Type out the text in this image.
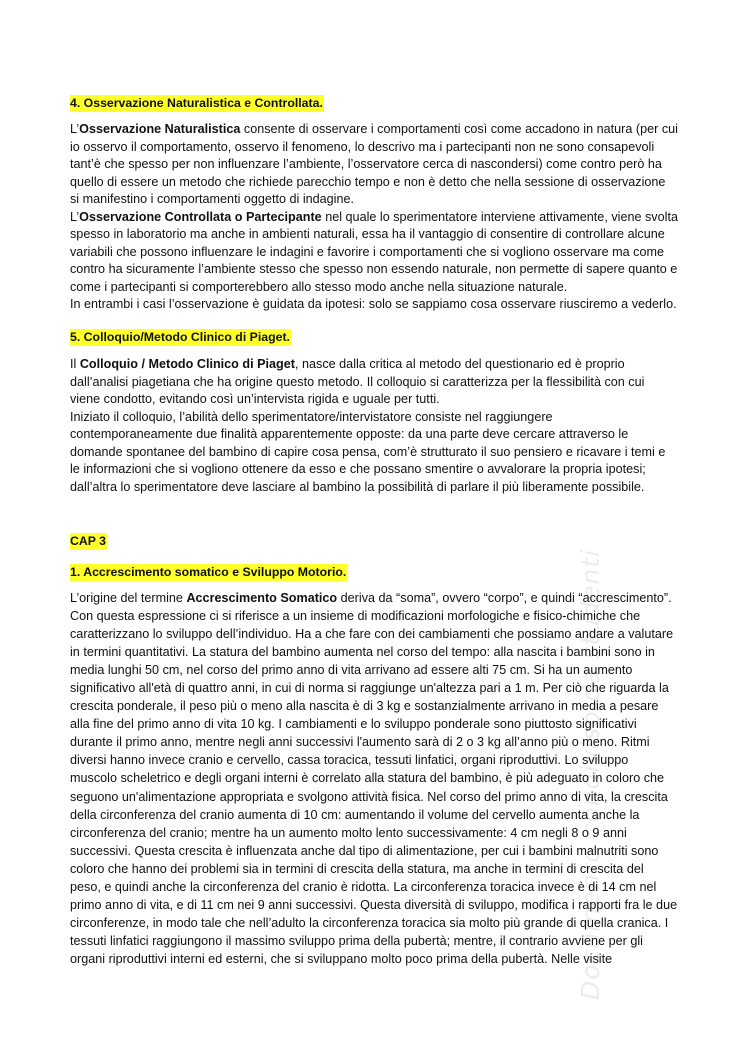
Documento condiviso da studenti
4. Osservazione Naturalistica e Controllata.

L’Osservazione Naturalistica consente di osservare i comportamenti così come accadono in natura (per cui io osservo il comportamento, osservo il fenomeno, lo descrivo ma i partecipanti non ne sono consapevoli tant’è che spesso per non influenzare l’ambiente, l’osservatore cerca di nascondersi) come contro però ha quello di essere un metodo che richiede parecchio tempo e non è detto che nella sessione di osservazione si manifestino i comportamenti oggetto di indagine.
L’Osservazione Controllata o Partecipante nel quale lo sperimentatore interviene attivamente, viene svolta spesso in laboratorio ma anche in ambienti naturali, essa ha il vantaggio di consentire di controllare alcune variabili che possono influenzare le indagini e favorire i comportamenti che si vogliono osservare ma come contro ha sicuramente l’ambiente stesso che spesso non essendo naturale, non permette di sapere quanto e come i partecipanti si comporterebbero allo stesso modo anche nella situazione naturale.
In entrambi i casi l’osservazione è guidata da ipotesi: solo se sappiamo cosa osservare riusciremo a vederlo.

5. Colloquio/Metodo Clinico di Piaget.

Il Colloquio / Metodo Clinico di Piaget, nasce dalla critica al metodo del questionario ed è proprio dall’analisi piagetiana che ha origine questo metodo. Il colloquio si caratterizza per la flessibilità con cui viene condotto, evitando così un’intervista rigida e uguale per tutti.
Iniziato il colloquio, l’abilità dello sperimentatore/intervistatore consiste nel raggiungere contemporaneamente due finalità apparentemente opposte: da una parte deve cercare attraverso le domande spontanee del bambino di capire cosa pensa, com’è strutturato il suo pensiero e ricavare i temi e le informazioni che si vogliono ottenere da esso e che possano smentire o avvalorare la propria ipotesi; dall’altra lo sperimentatore deve lasciare al bambino la possibilità di parlare il più liberamente possibile.

CAP 3
1. Accrescimento somatico e Sviluppo Motorio.

L’origine del termine Accrescimento Somatico deriva da “soma”, ovvero “corpo”, e quindi “accrescimento”. Con questa espressione ci si riferisce a un insieme di modificazioni morfologiche e fisico-chimiche che caratterizzano lo sviluppo dell’individuo. Ha a che fare con dei cambiamenti che possiamo andare a valutare in termini quantitativi. La statura del bambino aumenta nel corso del tempo: alla nascita i bambini sono in media lunghi 50 cm, nel corso del primo anno di vita arrivano ad essere alti 75 cm. Si ha un aumento significativo all'età di quattro anni, in cui di norma si raggiunge un'altezza pari a 1 m. Per ciò che riguarda la crescita ponderale, il peso più o meno alla nascita è di 3 kg e sostanzialmente arrivano in media a pesare alla fine del primo anno di vita 10 kg. I cambiamenti e lo sviluppo ponderale sono piuttosto significativi durante il primo anno, mentre negli anni successivi l'aumento sarà di 2 o 3 kg all’anno più o meno. Ritmi diversi hanno invece cranio e cervello, cassa toracica, tessuti linfatici, organi riproduttivi. Lo sviluppo muscolo scheletrico e degli organi interni è correlato alla statura del bambino, è più adeguato in coloro che seguono un'alimentazione appropriata e svolgono attività fisica. Nel corso del primo anno di vita, la crescita della circonferenza del cranio aumenta di 10 cm: aumentando il volume del cervello aumenta anche la circonferenza del cranio; mentre ha un aumento molto lento successivamente: 4 cm negli 8 o 9 anni successivi. Questa crescita è influenzata anche dal tipo di alimentazione, per cui i bambini malnutriti sono coloro che hanno dei problemi sia in termini di crescita della statura, ma anche in termini di crescita del peso, e quindi anche la circonferenza del cranio è ridotta. La circonferenza toracica invece è di 14 cm nel primo anno di vita, e di 11 cm nei 9 anni successivi. Questa diversità di sviluppo, modifica i rapporti fra le due circonferenze, in modo tale che nell’adulto la circonferenza toracica sia molto più grande di quella cranica. I tessuti linfatici raggiungono il massimo sviluppo prima della pubertà; mentre, il contrario avviene per gli organi riproduttivi interni ed esterni, che si sviluppano molto poco prima della pubertà. Nelle visite
